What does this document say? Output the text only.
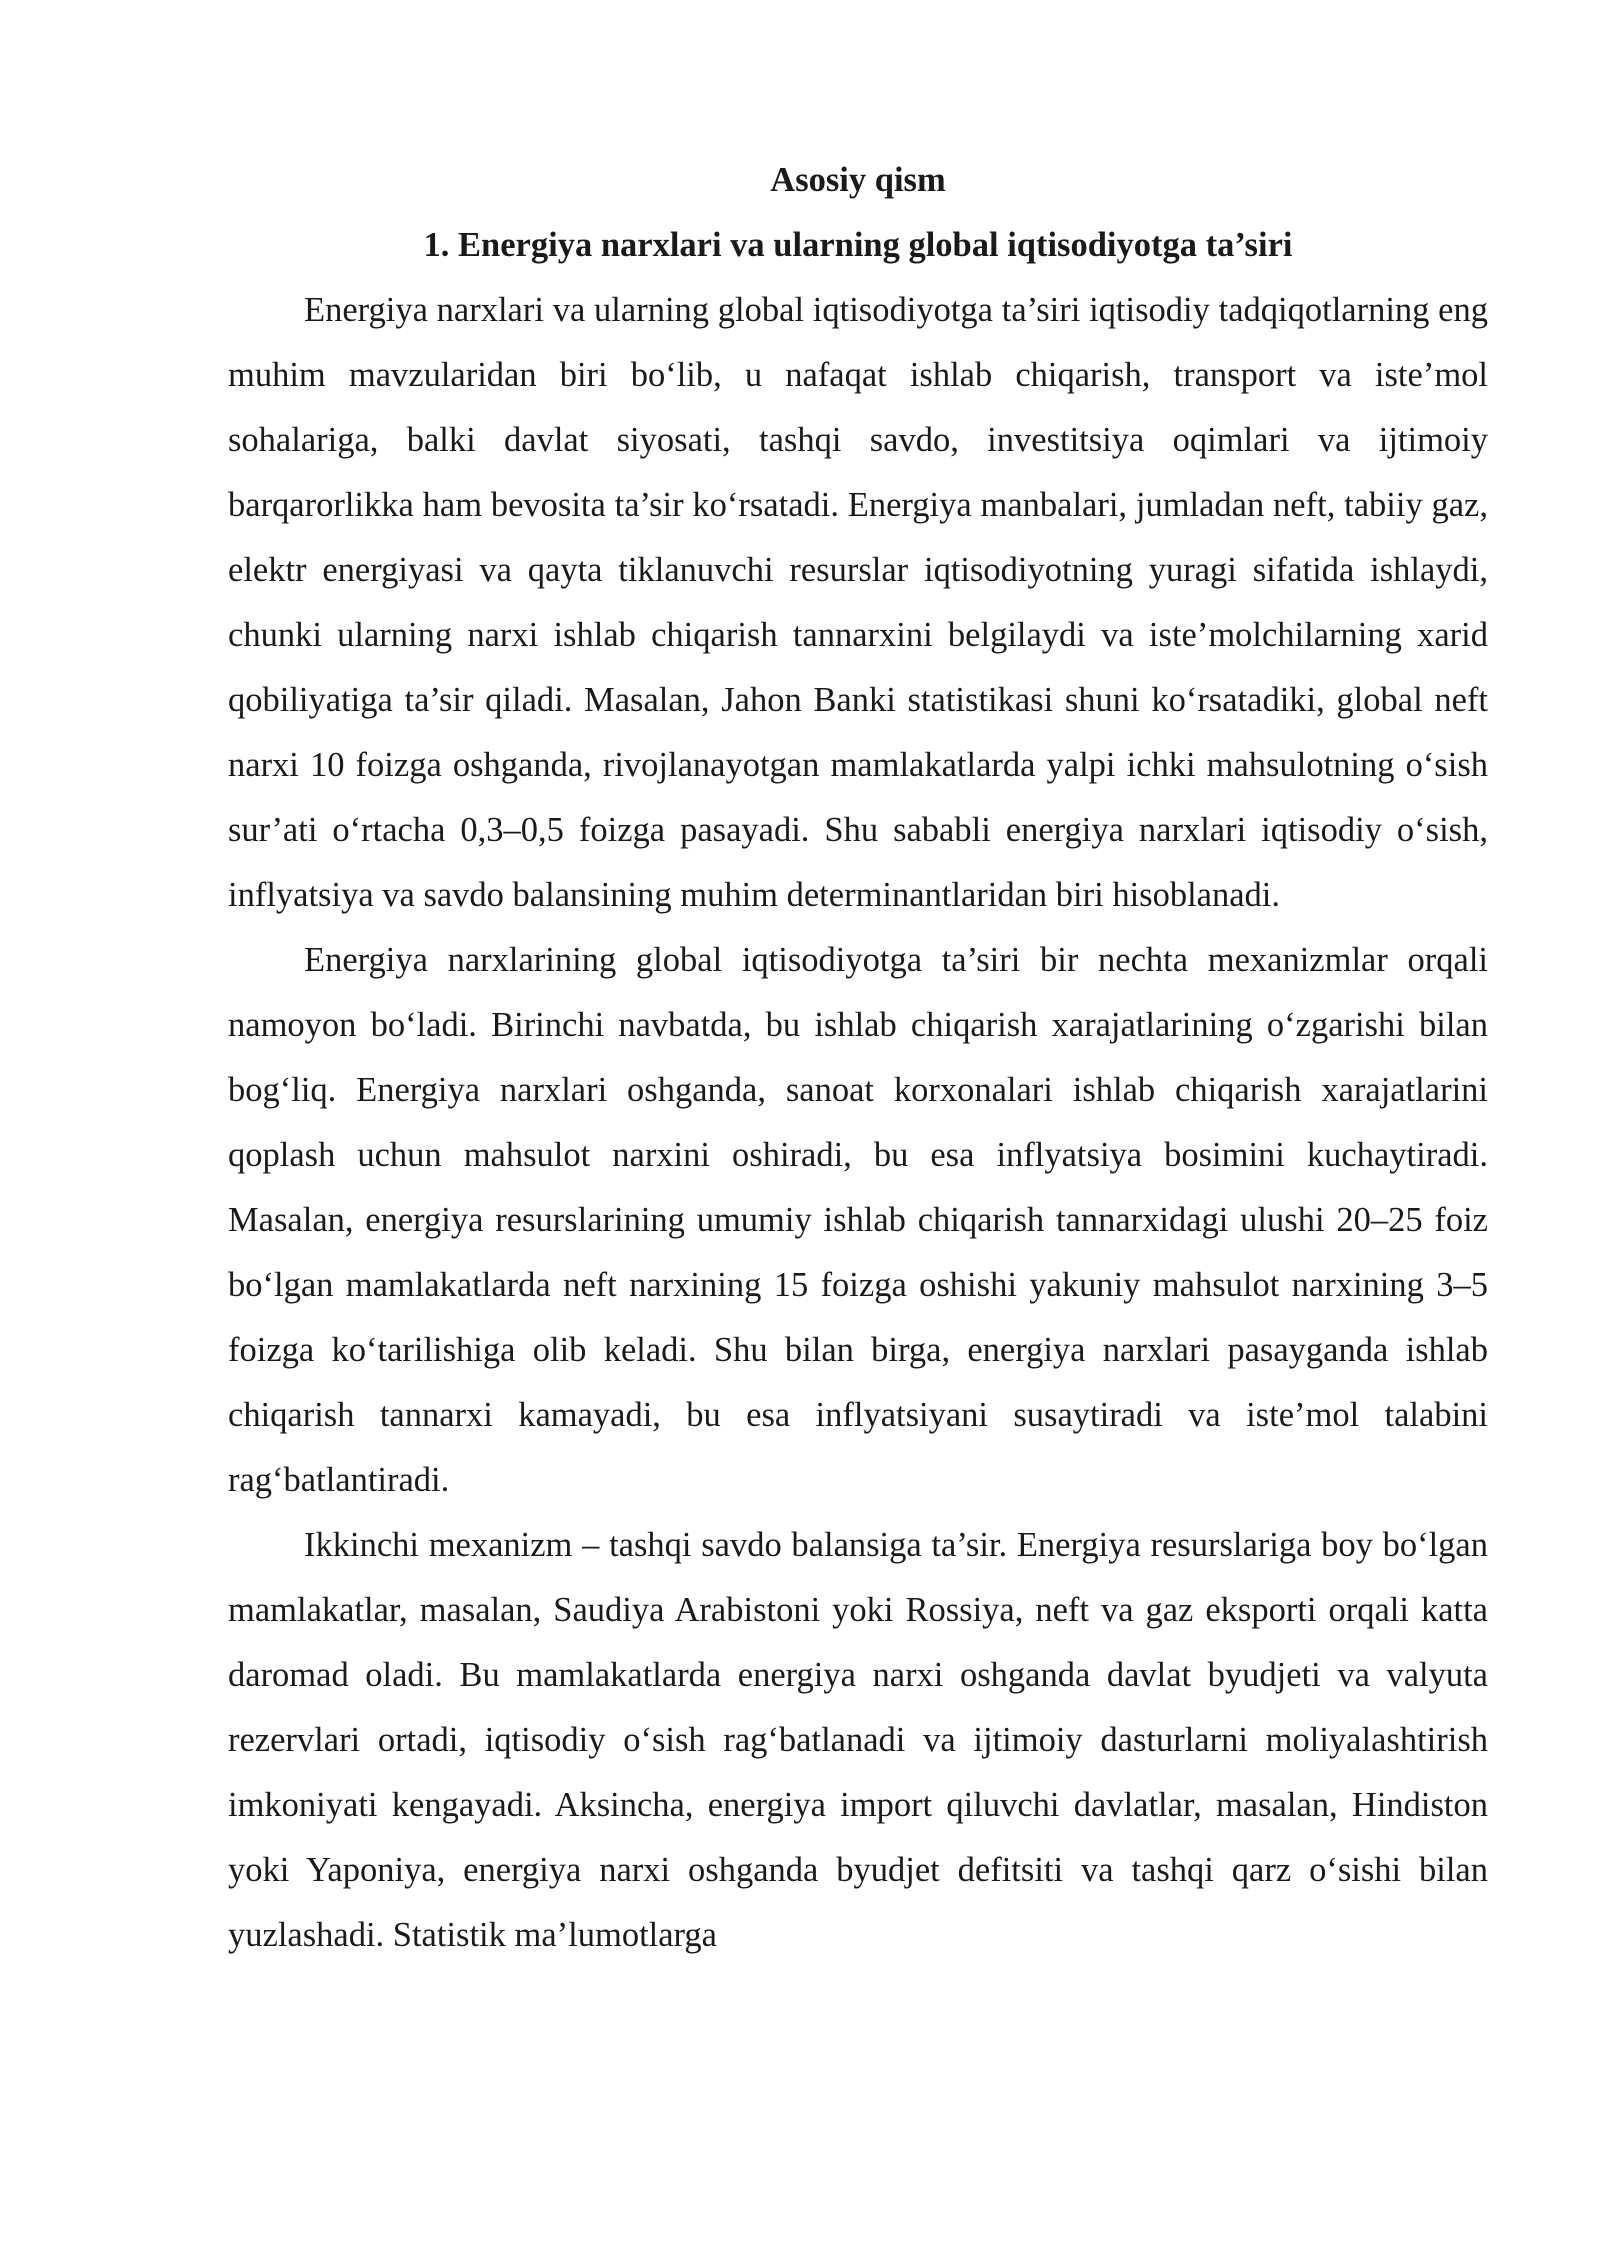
Asosiy qism
1. Energiya narxlari va ularning global iqtisodiyotga ta’siri

Energiya narxlari va ularning global iqtisodiyotga ta’siri iqtisodiy tadqiqotlarning eng muhim mavzularidan biri bo‘lib, u nafaqat ishlab chiqarish, transport va iste’mol sohalariga, balki davlat siyosati, tashqi savdo, investitsiya oqimlari va ijtimoiy barqarorlikka ham bevosita ta’sir ko‘rsatadi. Energiya manbalari, jumladan neft, tabiiy gaz, elektr energiyasi va qayta tiklanuvchi resurslar iqtisodiyotning yuragi sifatida ishlaydi, chunki ularning narxi ishlab chiqarish tannarxini belgilaydi va iste’molchilarning xarid qobiliyatiga ta’sir qiladi. Masalan, Jahon Banki statistikasi shuni ko‘rsatadiki, global neft narxi 10 foizga oshganda, rivojlanayotgan mamlakatlarda yalpi ichki mahsulotning o‘sish sur’ati o‘rtacha 0,3–0,5 foizga pasayadi. Shu sababli energiya narxlari iqtisodiy o‘sish, inflyatsiya va savdo balansining muhim determinantlaridan biri hisoblanadi.

Energiya narxlarining global iqtisodiyotga ta’siri bir nechta mexanizmlar orqali namoyon bo‘ladi. Birinchi navbatda, bu ishlab chiqarish xarajatlarining o‘zgarishi bilan bog‘liq. Energiya narxlari oshganda, sanoat korxonalari ishlab chiqarish xarajatlarini qoplash uchun mahsulot narxini oshiradi, bu esa inflyatsiya bosimini kuchaytiradi. Masalan, energiya resurslarining umumiy ishlab chiqarish tannarxidagi ulushi 20–25 foiz bo‘lgan mamlakatlarda neft narxining 15 foizga oshishi yakuniy mahsulot narxining 3–5 foizga ko‘tarilishiga olib keladi. Shu bilan birga, energiya narxlari pasayganda ishlab chiqarish tannarxi kamayadi, bu esa inflyatsiyani susaytiradi va iste’mol talabini rag‘batlantiradi.

Ikkinchi mexanizm – tashqi savdo balansiga ta’sir. Energiya resurslariga boy bo‘lgan mamlakatlar, masalan, Saudiya Arabistoni yoki Rossiya, neft va gaz eksporti orqali katta daromad oladi. Bu mamlakatlarda energiya narxi oshganda davlat byudjeti va valyuta rezervlari ortadi, iqtisodiy o‘sish rag‘batlanadi va ijtimoiy dasturlarni moliyalashtirish imkoniyati kengayadi. Aksincha, energiya import qiluvchi davlatlar, masalan, Hindiston yoki Yaponiya, energiya narxi oshganda byudjet defitsiti va tashqi qarz o‘sishi bilan yuzlashadi. Statistik ma’lumotlarga
